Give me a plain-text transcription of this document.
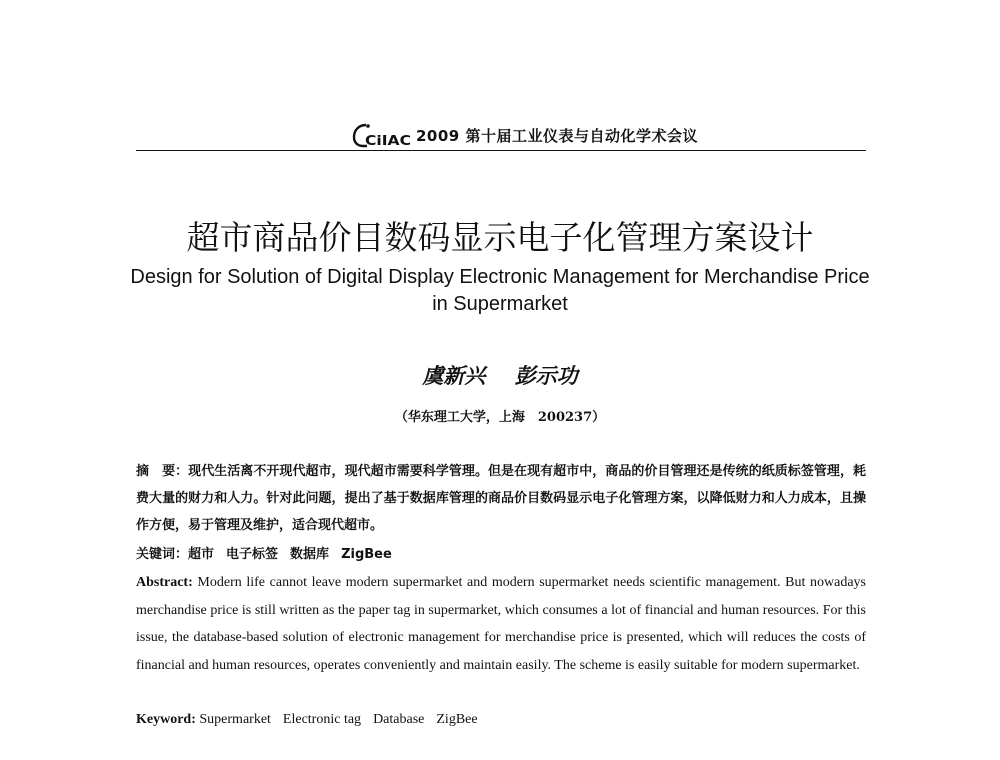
CiIAC 2009 第十届工业仪表与自动化学术会议
超市商品价目数码显示电子化管理方案设计
Design for Solution of Digital Display Electronic Management for Merchandise Price in Supermarket
虞新兴 彭示功
（华东理工大学，上海　200237）
摘　要：现代生活离不开现代超市，现代超市需要科学管理。但是在现有超市中，商品的价目管理还是传统的纸质标签管理，耗费大量的财力和人力。针对此问题，提出了基于数据库管理的商品价目数码显示电子化管理方案，以降低财力和人力成本，且操作方便，易于管理及维护，适合现代超市。
关键词：超市 电子标签 数据库 ZigBee
Abstract: Modern life cannot leave modern supermarket and modern supermarket needs scientific management. But nowadays merchandise price is still written as the paper tag in supermarket, which consumes a lot of financial and human resources. For this issue, the database-based solution of electronic management for merchandise price is presented, which will reduces the costs of financial and human resources, operates conveniently and maintain easily. The scheme is easily suitable for modern supermarket.
Keyword: Supermarket Electronic tag Database ZigBee
